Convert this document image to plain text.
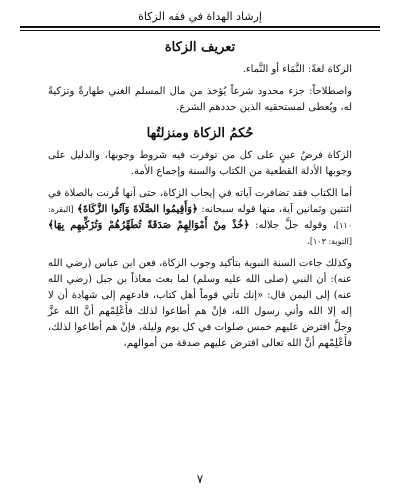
إرشاد الهداة في فقه الزكاة
تعريف الزكاة

الزكاة لغةً: النَّمَاء أو النَّماء.

واصطلاحاً: جزء محدود شرعاً يُؤخذ من مال المسلم الغني طهارةً وتزكيةً له، ويُعطى لمستحقيه الذين حددهم الشرع.

حُكمُ الزكاة ومنزلتُها

الزكاة فرضُ عينٍ على كل من توفرت فيه شروط وجوبها، والدليل على وجوبها الأدلة القطعية من الكتاب والسنة وإجماع الأمة.

أما الكتاب فقد تضافرت آياته في إيجاب الزكاة، حتى أنها قُرنت بالصلاة في اثنتين وثمانين آية، منها قوله سبحانه: ﴿وَأَقِيمُوا الصَّلَاةَ وَآتُوا الزَّكَاةَ﴾ [البقرة: ١١٠]، وقوله جلَّ جلاله: ﴿خُذْ مِنْ أَمْوَالِهِمْ صَدَقَةً تُطَهِّرُهُمْ وَتُزَكِّيهِم بِهَا﴾ [التوبة: ١٠٣].

وكذلك جاءت السنة النبوية بتأكيد وجوب الزكاة، فعن ابن عباس (رضي الله عنه): أن النبي (صلى الله عليه وسلم) لما بعث معاذاً بن جبل (رضي الله عنه) إلى اليمن قال: «إنك تأتي قوماً أهل كتاب، فادعهم إلى شهادة أن لا إله إلا الله وأني رسول الله، فإنْ هم أطاعوا لذلك فأَعْلِمْهم أنَّ الله عزَّ وجلَّ افترض عليهم خمس صلوات في كل يوم وليلة، فإنْ هم أطاعوا لذلك، فأَعْلِمْهم أنَّ الله تعالى افترض عليهم صدقة من أموالهم،

٧
